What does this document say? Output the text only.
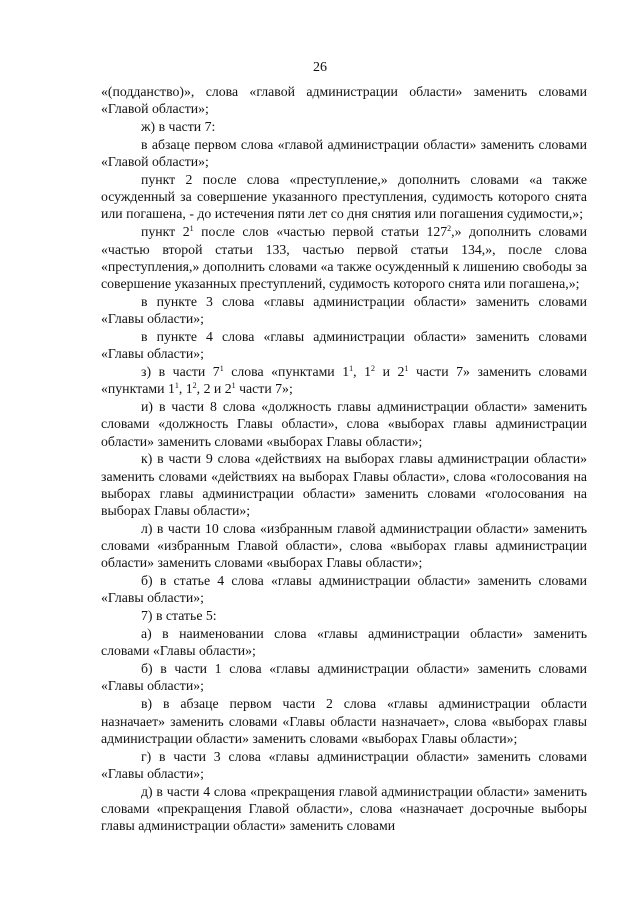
26

«(подданство)», слова «главой администрации области» заменить словами «Главой области»;

ж) в части 7:

в абзаце первом слова «главой администрации области» заменить словами «Главой области»;

пункт 2 после слова «преступление,» дополнить словами «а также осужденный за совершение указанного преступления, судимость которого снята или погашена, - до истечения пяти лет со дня снятия или погашения судимости,»;

пункт $2^1$ после слов «частью первой статьи $127^2$,» дополнить словами «частью второй статьи 133, частью первой статьи 134,», после слова «преступления,» дополнить словами «а также осужденный к лишению свободы за совершение указанных преступлений, судимость которого снята или погашена,»;

в пункте 3 слова «главы администрации области» заменить словами «Главы области»;

в пункте 4 слова «главы администрации области» заменить словами «Главы области»;

з) в части $7^1$ слова «пунктами $1^1$, $1^2$ и $2^1$ части 7» заменить словами «пунктами $1^1$, $1^2$, 2 и $2^1$ части 7»;

и) в части 8 слова «должность главы администрации области» заменить словами «должность Главы области», слова «выборах главы администрации области» заменить словами «выборах Главы области»;

к) в части 9 слова «действиях на выборах главы администрации области» заменить словами «действиях на выборах Главы области», слова «голосования на выборах главы администрации области» заменить словами «голосования на выборах Главы области»;

л) в части 10 слова «избранным главой администрации области» заменить словами «избранным Главой области», слова «выборах главы администрации области» заменить словами «выборах Главы области»;

б) в статье 4 слова «главы администрации области» заменить словами «Главы области»;

7) в статье 5:

а) в наименовании слова «главы администрации области» заменить словами «Главы области»;

б) в части 1 слова «главы администрации области» заменить словами «Главы области»;

в) в абзаце первом части 2 слова «главы администрации области назначает» заменить словами «Главы области назначает», слова «выборах главы администрации области» заменить словами «выборах Главы области»;

г) в части 3 слова «главы администрации области» заменить словами «Главы области»;

д) в части 4 слова «прекращения главой администрации области» заменить словами «прекращения Главой области», слова «назначает досрочные выборы главы администрации области» заменить словами
